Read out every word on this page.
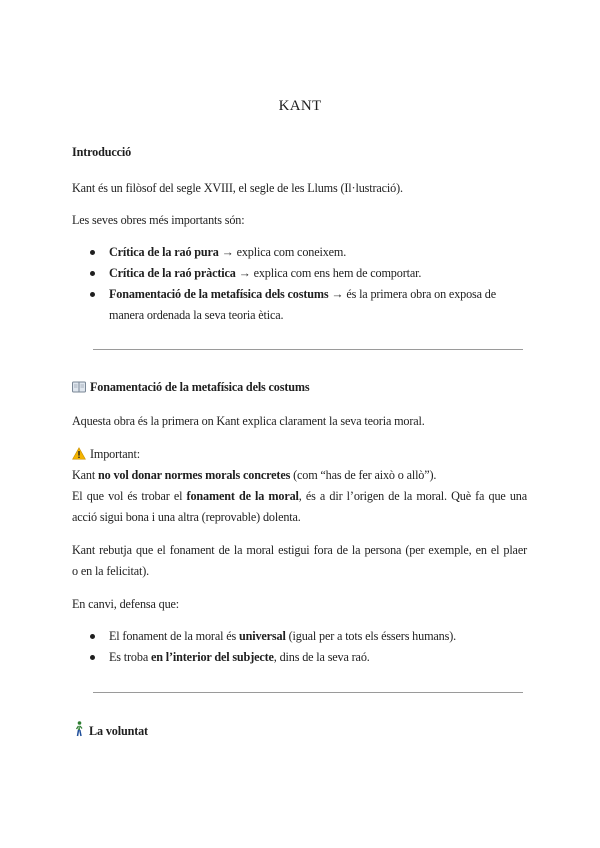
KANT
Introducció
Kant és un filòsof del segle XVIII, el segle de les Llums (Il·lustració).
Les seves obres més importants són:
Crítica de la raó pura → explica com coneixem.
Crítica de la raó pràctica → explica com ens hem de comportar.
Fonamentació de la metafísica dels costums → és la primera obra on exposa de
manera ordenada la seva teoria ètica.
Fonamentació de la metafísica dels costums
Aquesta obra és la primera on Kant explica clarament la seva teoria moral.
Important:
Kant no vol donar normes morals concretes (com “has de fer això o allò”).
El que vol és trobar el fonament de la moral, és a dir l’origen de la moral. Què fa que una
acció sigui bona i una altra (reprovable) dolenta.
Kant rebutja que el fonament de la moral estigui fora de la persona (per exemple, en el plaer
o en la felicitat).
En canvi, defensa que:
El fonament de la moral és universal (igual per a tots els éssers humans).
Es troba en l’interior del subjecte, dins de la seva raó.
La voluntat
